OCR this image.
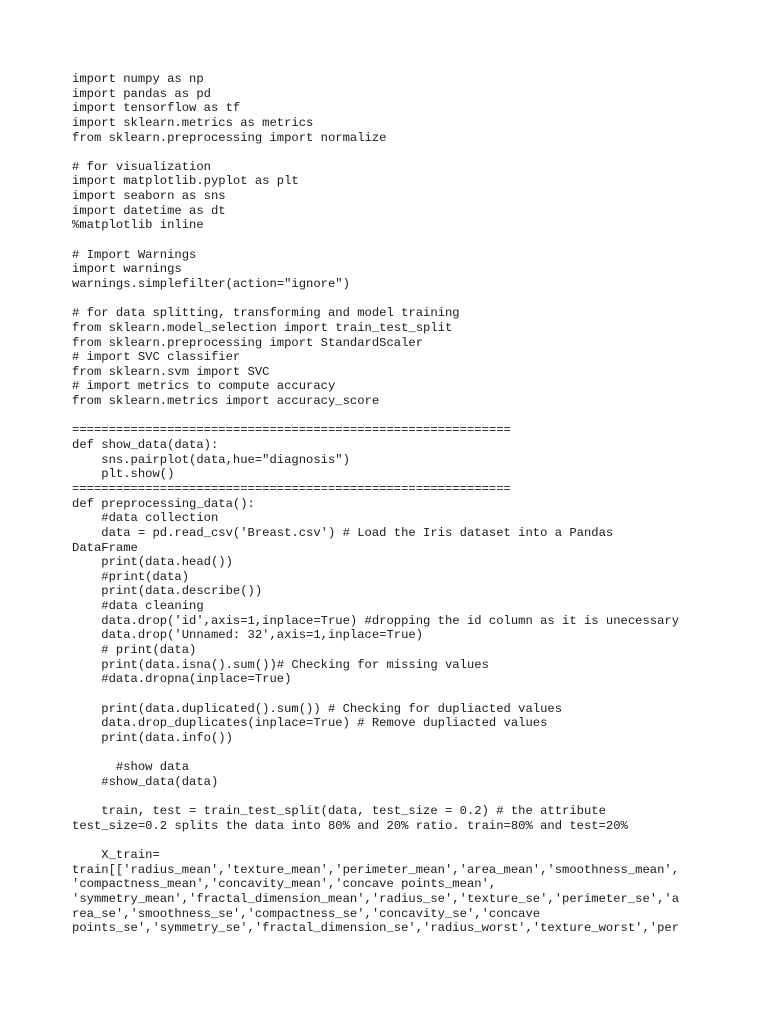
import numpy as np
import pandas as pd
import tensorflow as tf
import sklearn.metrics as metrics
from sklearn.preprocessing import normalize
# for visualization
import matplotlib.pyplot as plt
import seaborn as sns
import datetime as dt
%matplotlib inline
# Import Warnings
import warnings
warnings.simplefilter(action="ignore")
# for data splitting, transforming and model training
from sklearn.model_selection import train_test_split
from sklearn.preprocessing import StandardScaler
# import SVC classifier
from sklearn.svm import SVC
# import metrics to compute accuracy
from sklearn.metrics import accuracy_score
============================================================
def show_data(data):
sns.pairplot(data,hue="diagnosis")
plt.show()
============================================================
def preprocessing_data():
#data collection
data = pd.read_csv('Breast.csv') # Load the Iris dataset into a Pandas
DataFrame
print(data.head())
#print(data)
print(data.describe())
#data cleaning
data.drop('id',axis=1,inplace=True) #dropping the id column as it is unecessary
data.drop('Unnamed: 32',axis=1,inplace=True)
# print(data)
print(data.isna().sum())# Checking for missing values
#data.dropna(inplace=True)
print(data.duplicated().sum()) # Checking for dupliacted values
data.drop_duplicates(inplace=True) # Remove dupliacted values
print(data.info())
#show data
#show_data(data)
train, test = train_test_split(data, test_size = 0.2) # the attribute
test_size=0.2 splits the data into 80% and 20% ratio. train=80% and test=20%
X_train=
train[['radius_mean','texture_mean','perimeter_mean','area_mean','smoothness_mean',
'compactness_mean','concavity_mean','concave points_mean',
'symmetry_mean','fractal_dimension_mean','radius_se','texture_se','perimeter_se','a
rea_se','smoothness_se','compactness_se','concavity_se','concave
points_se','symmetry_se','fractal_dimension_se','radius_worst','texture_worst','per
